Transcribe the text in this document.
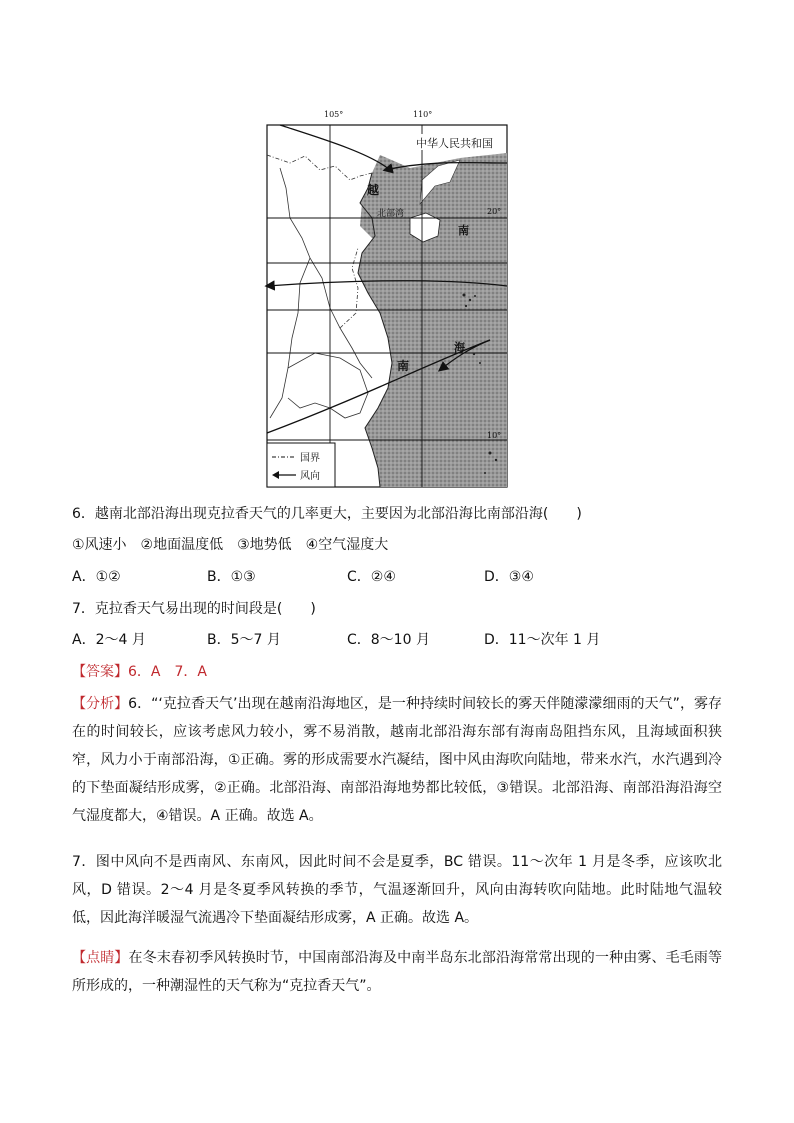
105°	110°
20°
10°
中华人民共和国
越
南
北部湾
南
海
国界
风向
6．越南北部沿海出现克拉香天气的几率更大，主要因为北部沿海比南部沿海(　　)
①风速小　②地面温度低　③地势低　④空气湿度大
A．①②	B．①③	C．②④	D．③④
7．克拉香天气易出现的时间段是(　　)
A．2～4 月	B．5～7 月	C．8～10 月	D．11～次年 1 月
【答案】6．A　7．A
【分析】6．“‘克拉香天气’出现在越南沿海地区，是一种持续时间较长的雾天伴随濛濛细雨的天气”，雾存在的时间较长，应该考虑风力较小，雾不易消散，越南北部沿海东部有海南岛阻挡东风，且海域面积狭窄，风力小于南部沿海，①正确。雾的形成需要水汽凝结，图中风由海吹向陆地，带来水汽，水汽遇到冷的下垫面凝结形成雾，②正确。北部沿海、南部沿海地势都比较低，③错误。北部沿海、南部沿海沿海空气湿度都大，④错误。A 正确。故选 A。
7．图中风向不是西南风、东南风，因此时间不会是夏季，BC 错误。11～次年 1 月是冬季，应该吹北风，D 错误。2～4 月是冬夏季风转换的季节，气温逐渐回升，风向由海转吹向陆地。此时陆地气温较低，因此海洋暖湿气流遇冷下垫面凝结形成雾，A 正确。故选 A。
【点睛】在冬末春初季风转换时节，中国南部沿海及中南半岛东北部沿海常常出现的一种由雾、毛毛雨等所形成的，一种潮湿性的天气称为“克拉香天气”。
